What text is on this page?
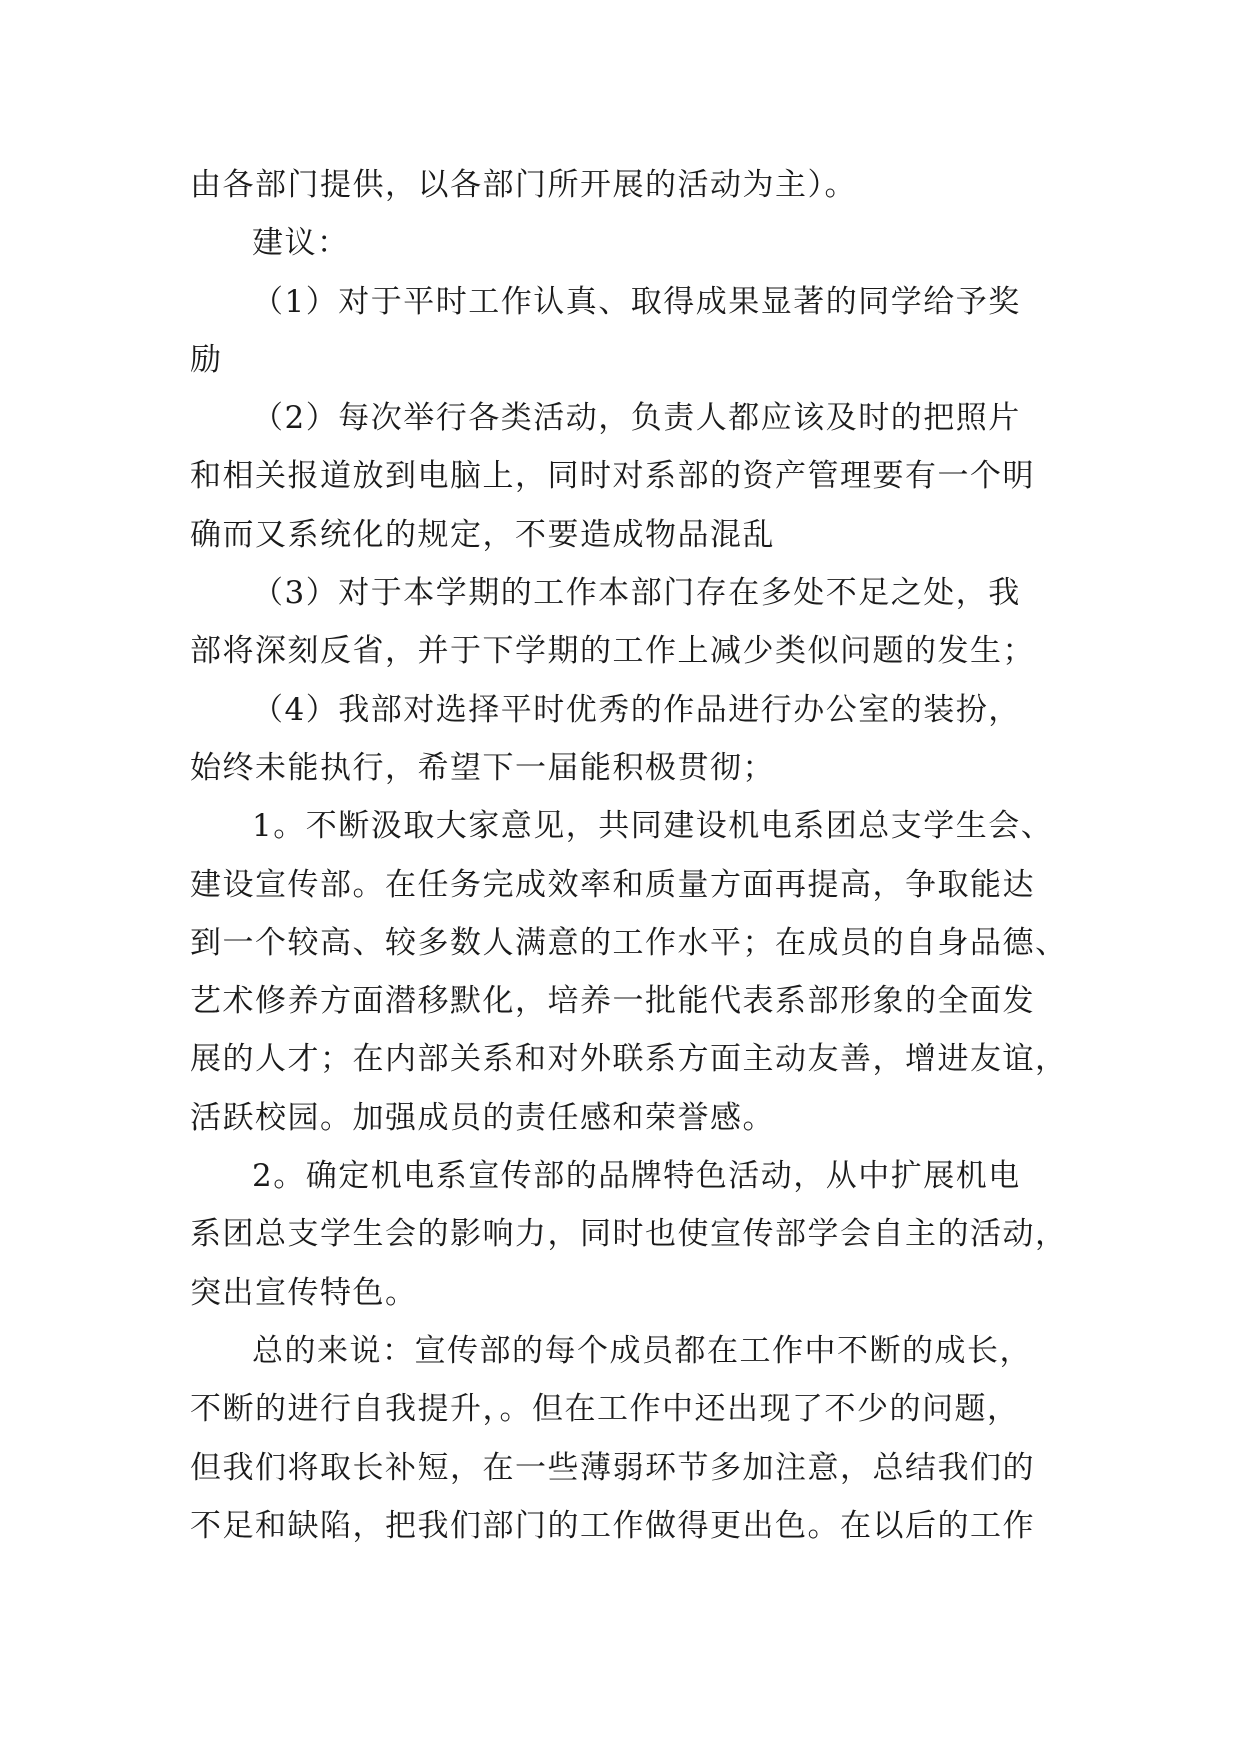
由各部门提供，以各部门所开展的活动为主）。
建议：
（1）对于平时工作认真、取得成果显著的同学给予奖
励
（2）每次举行各类活动，负责人都应该及时的把照片
和相关报道放到电脑上，同时对系部的资产管理要有一个明
确而又系统化的规定，不要造成物品混乱
（3）对于本学期的工作本部门存在多处不足之处，我
部将深刻反省，并于下学期的工作上减少类似问题的发生；
（4）我部对选择平时优秀的作品进行办公室的装扮，
始终未能执行，希望下一届能积极贯彻；
1。不断汲取大家意见，共同建设机电系团总支学生会、
建设宣传部。在任务完成效率和质量方面再提高，争取能达
到一个较高、较多数人满意的工作水平；在成员的自身品德、
艺术修养方面潜移默化，培养一批能代表系部形象的全面发
展的人才；在内部关系和对外联系方面主动友善，增进友谊，
活跃校园。加强成员的责任感和荣誉感。
2。确定机电系宣传部的品牌特色活动，从中扩展机电
系团总支学生会的影响力，同时也使宣传部学会自主的活动，
突出宣传特色。
总的来说：宣传部的每个成员都在工作中不断的成长，
不断的进行自我提升，。但在工作中还出现了不少的问题，
但我们将取长补短，在一些薄弱环节多加注意，总结我们的
不足和缺陷，把我们部门的工作做得更出色。在以后的工作
